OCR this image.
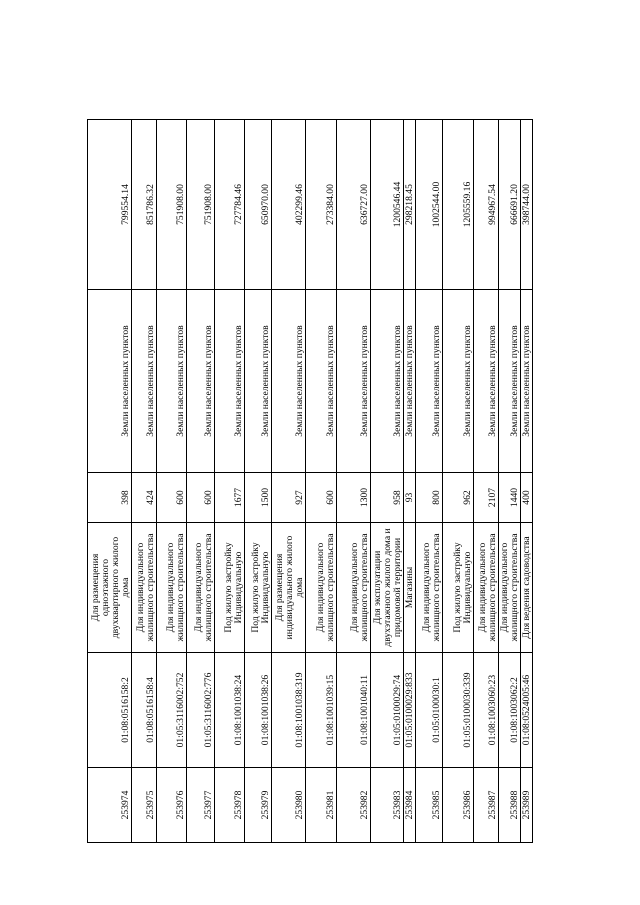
253974	01:08:0516158:2	Для размещения одноэтажного двухквартирного жилого дома	398	Земли населенных пунктов	799554.14
253975	01:08:0516158:4	Для индивидуального жилищного строительства	424	Земли населенных пунктов	851786.32
253976	01:05:3116002:752	Для индивидуального жилищного строительства	600	Земли населенных пунктов	751908.00
253977	01:05:3116002:776	Для индивидуального жилищного строительства	600	Земли населенных пунктов	751908.00
253978	01:08:1001038:24	Под жилую застройку Индивидуальную	1677	Земли населенных пунктов	727784.46
253979	01:08:1001038:26	Под жилую застройку Индивидуальную	1500	Земли населенных пунктов	650970.00
253980	01:08:1001038:319	Для размещения индивидуального жилого дома	927	Земли населенных пунктов	402299.46
253981	01:08:1001039:15	Для индивидуального жилищного строительства	600	Земли населенных пунктов	273384.00
253982	01:08:1001040:11	Для индивидуального жилищного строительства	1300	Земли населенных пунктов	636727.00
253983	01:05:0100029:74	Для эксплуатации двухэтажного жилого дома и придомовой территории	958	Земли населенных пунктов	1200546.44
253984	01:05:0100029:833	Магазины	93	Земли населенных пунктов	298218.45
253985	01:05:0100030:1	Для индивидуального жилищного строительства	800	Земли населенных пунктов	1002544.00
253986	01:05:0100030:339	Под жилую застройку Индивидуальную	962	Земли населенных пунктов	1205559.16
253987	01:08:1003060:23	Для индивидуального жилищного строительства	2107	Земли населенных пунктов	994967.54
253988	01:08:1003062:2	Для индивидуального жилищного строительства	1440	Земли населенных пунктов	666691.20
253989	01:08:0524005:46	Для ведения садоводства	400	Земли населенных пунктов	398744.00
